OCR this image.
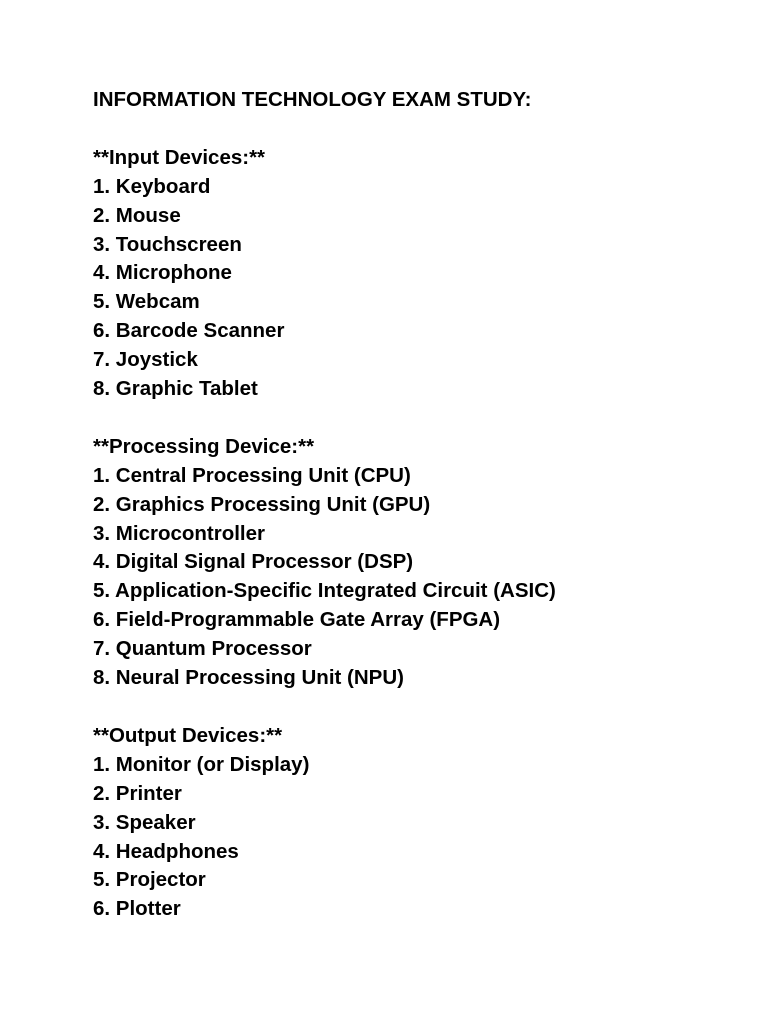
INFORMATION TECHNOLOGY EXAM STUDY:
**Input Devices:**
1. Keyboard
2. Mouse
3. Touchscreen
4. Microphone
5. Webcam
6. Barcode Scanner
7. Joystick
8. Graphic Tablet
**Processing Device:**
1. Central Processing Unit (CPU)
2. Graphics Processing Unit (GPU)
3. Microcontroller
4. Digital Signal Processor (DSP)
5. Application-Specific Integrated Circuit (ASIC)
6. Field-Programmable Gate Array (FPGA)
7. Quantum Processor
8. Neural Processing Unit (NPU)
**Output Devices:**
1. Monitor (or Display)
2. Printer
3. Speaker
4. Headphones
5. Projector
6. Plotter
